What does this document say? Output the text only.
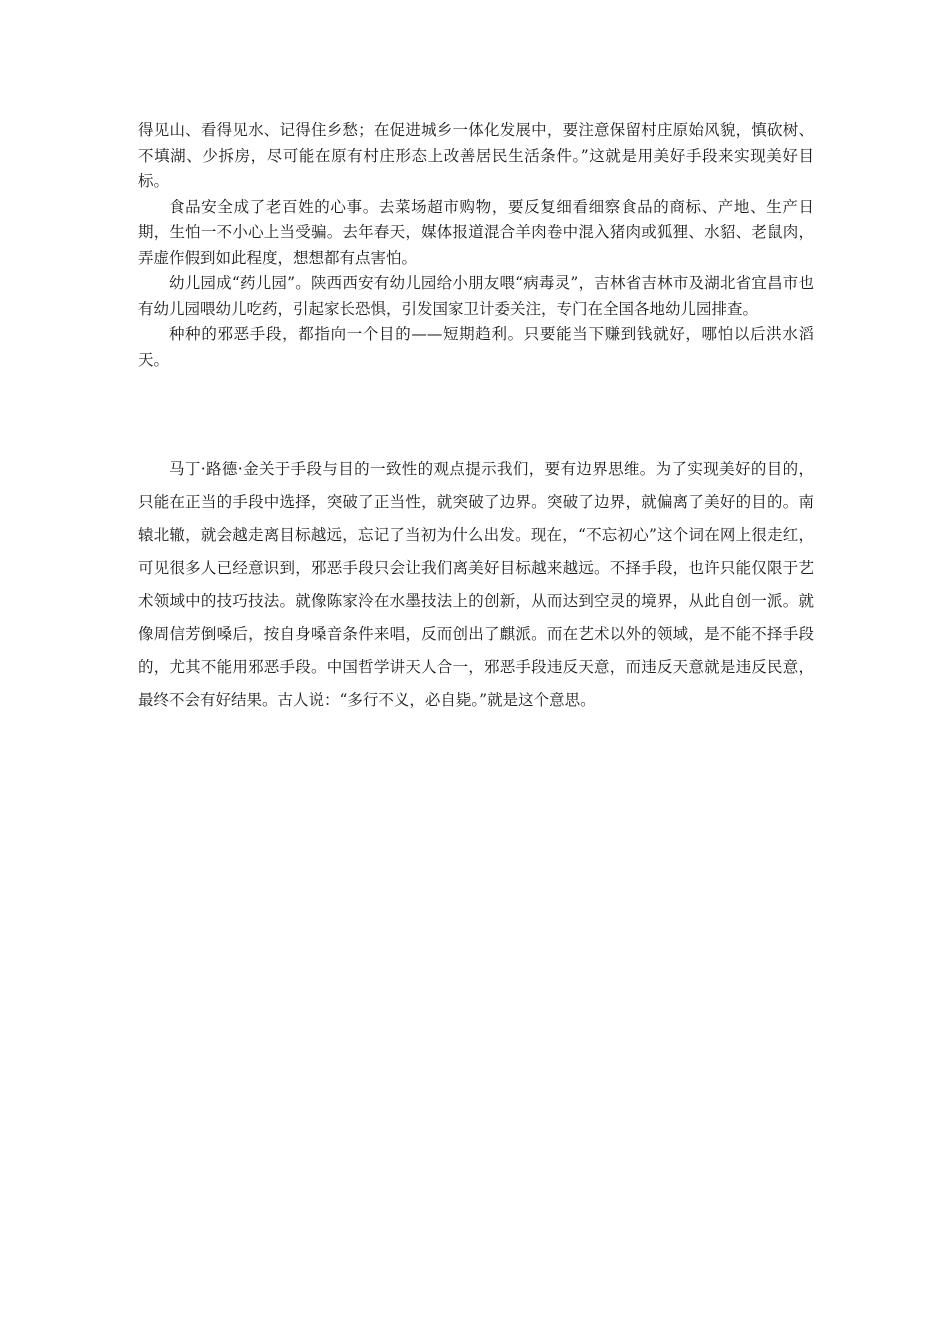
得见山、看得见水、记得住乡愁；在促进城乡一体化发展中，要注意保留村庄原始风貌，慎砍树、不填湖、少拆房，尽可能在原有村庄形态上改善居民生活条件。”这就是用美好手段来实现美好目标。

食品安全成了老百姓的心事。去菜场超市购物，要反复细看细察食品的商标、产地、生产日期，生怕一不小心上当受骗。去年春天，媒体报道混合羊肉卷中混入猪肉或狐狸、水貂、老鼠肉，弄虚作假到如此程度，想想都有点害怕。

幼儿园成“药儿园”。陕西西安有幼儿园给小朋友喂“病毒灵”，吉林省吉林市及湖北省宜昌市也有幼儿园喂幼儿吃药，引起家长恐惧，引发国家卫计委关注，专门在全国各地幼儿园排查。

种种的邪恶手段，都指向一个目的——短期趋利。只要能当下赚到钱就好，哪怕以后洪水滔天。

马丁·路德·金关于手段与目的一致性的观点提示我们，要有边界思维。为了实现美好的目的，只能在正当的手段中选择，突破了正当性，就突破了边界。突破了边界，就偏离了美好的目的。南辕北辙，就会越走离目标越远，忘记了当初为什么出发。现在，“不忘初心”这个词在网上很走红，可见很多人已经意识到，邪恶手段只会让我们离美好目标越来越远。不择手段，也许只能仅限于艺术领域中的技巧技法。就像陈家泠在水墨技法上的创新，从而达到空灵的境界，从此自创一派。就像周信芳倒嗓后，按自身嗓音条件来唱，反而创出了麒派。而在艺术以外的领域，是不能不择手段的，尤其不能用邪恶手段。中国哲学讲天人合一，邪恶手段违反天意，而违反天意就是违反民意，最终不会有好结果。古人说：“多行不义，必自毙。”就是这个意思。
